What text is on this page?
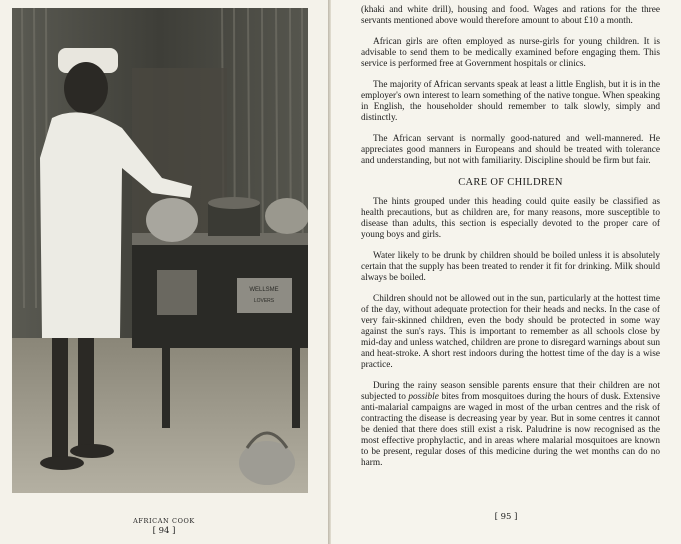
WELLSME
LOVERS
AFRICAN COOK
[ 94 ]

(khaki and white drill), housing and food. Wages and rations for the three servants mentioned above would therefore amount to about £10 a month.

African girls are often employed as nurse-girls for young children. It is advisable to send them to be medically examined before engaging them. This service is performed free at Government hospitals or clinics.

The majority of African servants speak at least a little English, but it is in the employer's own interest to learn something of the native tongue. When speaking in English, the householder should remember to talk slowly, simply and distinctly.

The African servant is normally good-natured and well-mannered. He appreciates good manners in Europeans and should be treated with tolerance and understanding, but not with familiarity. Discipline should be firm but fair.

CARE OF CHILDREN

The hints grouped under this heading could quite easily be classified as health precautions, but as children are, for many reasons, more susceptible to disease than adults, this section is especially devoted to the proper care of young boys and girls.

Water likely to be drunk by children should be boiled unless it is absolutely certain that the supply has been treated to render it fit for drinking. Milk should always be boiled.

Children should not be allowed out in the sun, particularly at the hottest time of the day, without adequate protection for their heads and necks. In the case of very fair-skinned children, even the body should be protected in some way against the sun's rays. This is important to remember as all schools close by mid-day and unless watched, children are prone to disregard warnings about sun and heat-stroke. A short rest indoors during the hottest time of the day is a wise practice.

During the rainy season sensible parents ensure that their children are not subjected to possible bites from mosquitoes during the hours of dusk. Extensive anti-malarial campaigns are waged in most of the urban centres and the risk of contracting the disease is decreasing year by year. But in some centres it cannot be denied that there does still exist a risk. Paludrine is now recognised as the most effective prophylactic, and in areas where malarial mosquitoes are known to be present, regular doses of this medicine during the wet months can do no harm.

[ 95 ]
